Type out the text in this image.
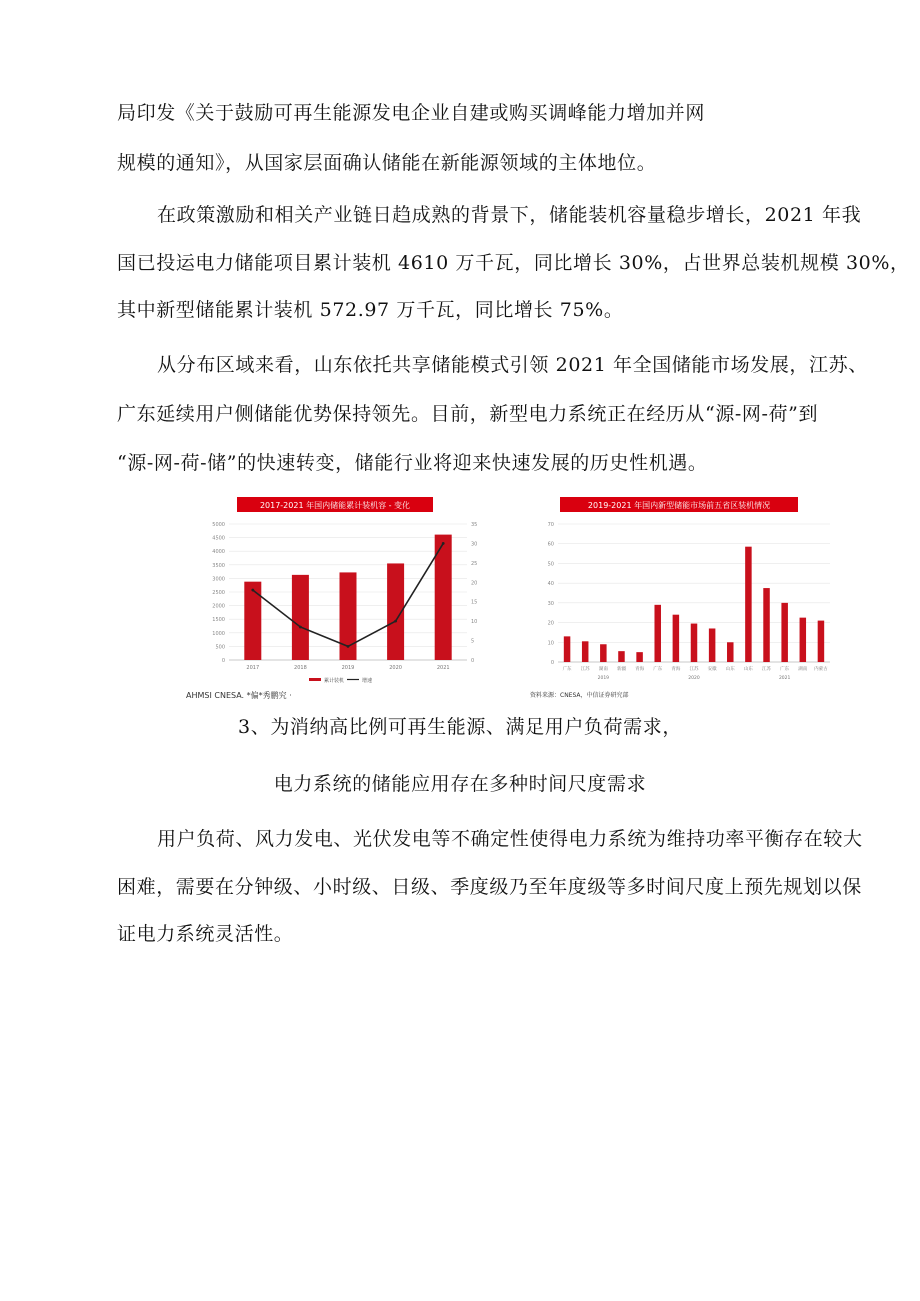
局印发《关于鼓励可再生能源发电企业自建或购买调峰能力增加并网
规模的通知》，从国家层面确认储能在新能源领域的主体地位。
在政策激励和相关产业链日趋成熟的背景下，储能装机容量稳步增长，2021 年我
国已投运电力储能项目累计装机 4610 万千瓦，同比增长 30%，占世界总装机规模 30%，
其中新型储能累计装机 572.97 万千瓦，同比增长 75%。
从分布区域来看，山东依托共享储能模式引领 2021 年全国储能市场发展，江苏、
广东延续用户侧储能优势保持领先。目前，新型电力系统正在经历从“源-网-荷”到
“源-网-荷-储”的快速转变，储能行业将迎来快速发展的历史性机遇。
2017-2021 年国内储能累计装机容 - 变化
0
500
1000
1500
2000
2500
3000
3500
4000
4500
5000
0
5
10
15
20
25
30
35
2017	2018	2019	2020	2021
累计装机	增速
AHMSI CNESA. *偏*秀鹏究 ·
2019-2021 年国内新型储能市场前五省区装机情况
0
10
20
30
40
50
60
70
广东 江苏 湖南 新疆 青海 广东 青海 江苏 安徽 山东 山东 江苏 广东 湖南 内蒙古
2019	2020	2021
资料来源：CNESA，中信证券研究部
3、为消纳高比例可再生能源、满足用户负荷需求，
电力系统的储能应用存在多种时间尺度需求
用户负荷、风力发电、光伏发电等不确定性使得电力系统为维持功率平衡存在较大
困难，需要在分钟级、小时级、日级、季度级乃至年度级等多时间尺度上预先规划以保
证电力系统灵活性。
